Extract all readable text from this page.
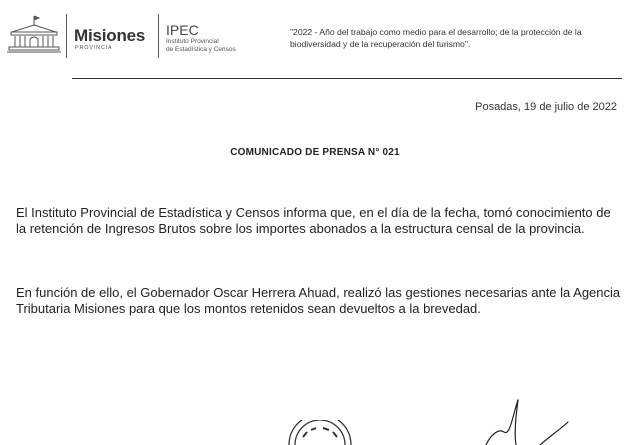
Misiones
PROVINCIA
IPEC
Instituto Provincial
de Estadística y Censos
"2022 - Año del trabajo como medio para el desarrollo; de la protección de la biodiversidad y de la recuperación del turismo".
Posadas, 19 de julio de 2022
COMUNICADO DE PRENSA N° 021

El Instituto Provincial de Estadística y Censos informa que, en el día de la fecha, tomó conocimiento de la retención de Ingresos Brutos sobre los importes abonados a la estructura censal de la provincia.

En función de ello, el Gobernador Oscar Herrera Ahuad, realizó las gestiones necesarias ante la Agencia Tributaria Misiones para que los montos retenidos sean devueltos a la brevedad.
